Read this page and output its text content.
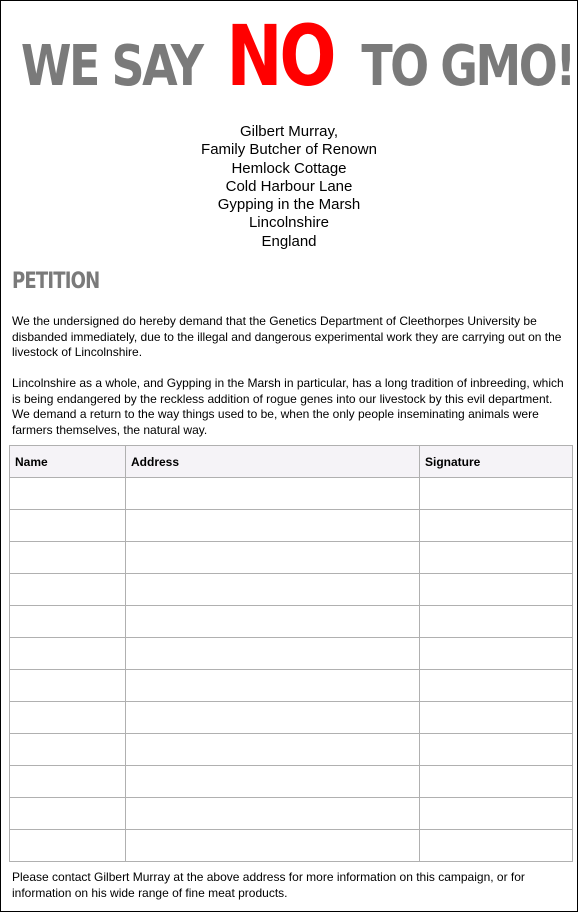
WE SAY NO TO GMO!
Gilbert Murray,
Family Butcher of Renown
Hemlock Cottage
Cold Harbour Lane
Gypping in the Marsh
Lincolnshire
England
PETITION

We the undersigned do hereby demand that the Genetics Department of Cleethorpes University be disbanded immediately, due to the illegal and dangerous experimental work they are carrying out on the livestock of Lincolnshire.

Lincolnshire as a whole, and Gypping in the Marsh in particular, has a long tradition of inbreeding, which is being endangered by the reckless addition of rogue genes into our livestock by this evil department. We demand a return to the way things used to be, when the only people inseminating animals were farmers themselves, the natural way.

Name	Address	Signature

Please contact Gilbert Murray at the above address for more information on this campaign, or for information on his wide range of fine meat products.
